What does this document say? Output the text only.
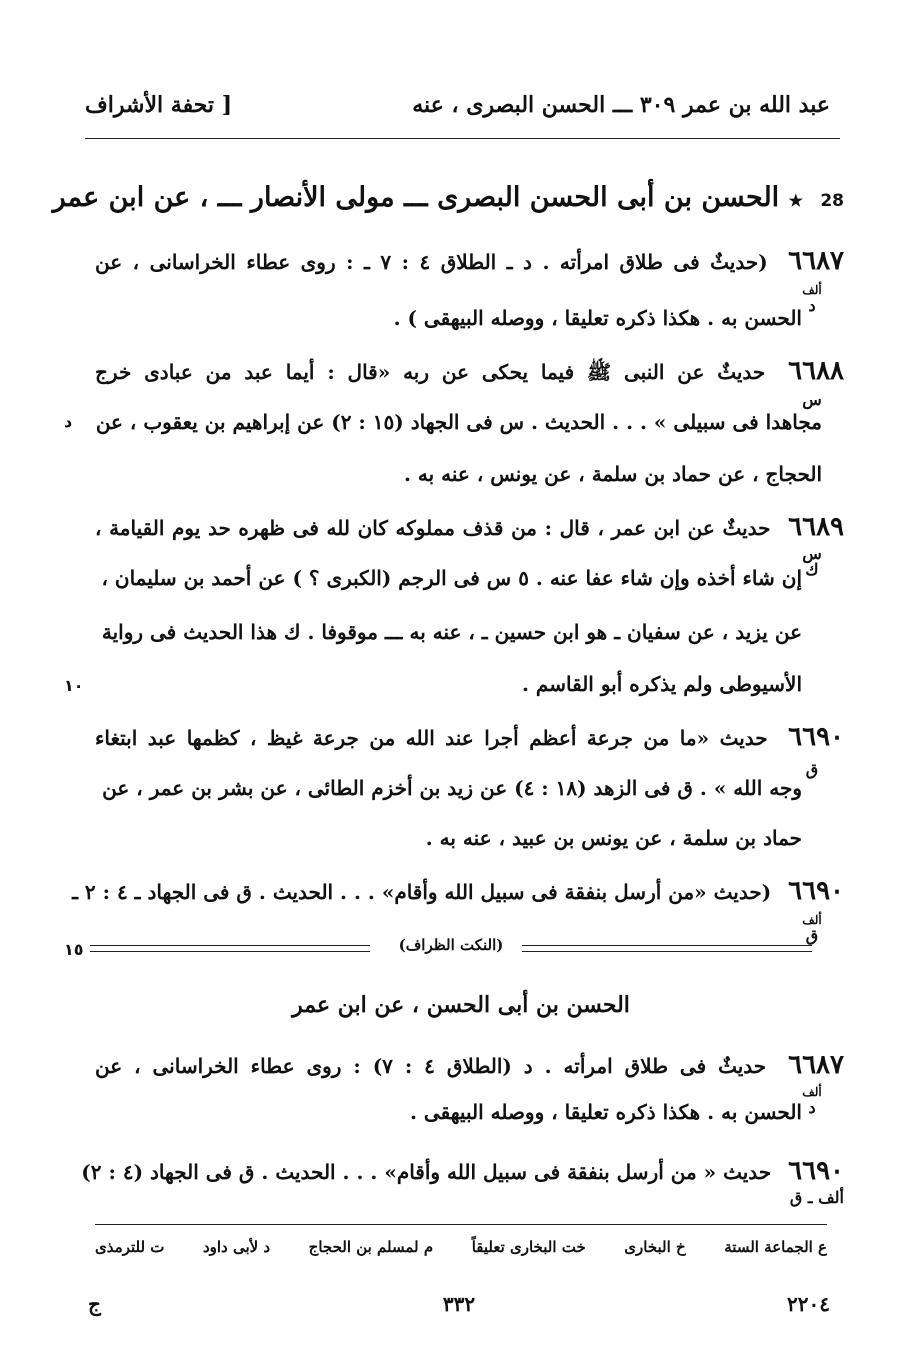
عبد الله بن عمر ٣٠٩ ـــ الحسن البصرى ، عنه
[ تحفة الأشراف
28 ★ الحسن بن أبى الحسن البصرى ـــ مولى الأنصار ـــ ، عن ابن عمر
٦٦٨٧ (حديثٌ فى طلاق امرأته . د ـ الطلاق ٤ : ٧ ـ : روى عطاء الخراسانى ، عن
ألف
د
الحسن به . هكذا ذكره تعليقا ، ووصله البيهقى ) .
٦٦٨٨ حديثٌ عن النبى ﷺ فيما يحكى عن ربه «قال : أيما عبد من عبادى خرج
س
مجاهدا فى سبيلى » . . . الحديث . س فى الجهاد (١٥ : ٢) عن إبراهيم بن يعقوب ، عن
د
الحجاج ، عن حماد بن سلمة ، عن يونس ، عنه به .
٦٦٨٩ حديثٌ عن ابن عمر ، قال : من قذف مملوكه كان لله فى ظهره حد يوم القيامة ،
س
ك
إن شاء أخذه وإن شاء عفا عنه . ٥ س فى الرجم (الكبرى ؟ ) عن أحمد بن سليمان ،
عن يزيد ، عن سفيان ـ هو ابن حسين ـ ، عنه به ـــ موقوفا . ك هذا الحديث فى رواية
الأسيوطى ولم يذكره أبو القاسم .
١٠
٦٦٩٠ حديث «ما من جرعة أعظم أجرا عند الله من جرعة غيظ ، كظمها عبد ابتغاء
ق
وجه الله » . ق فى الزهد (١٨ : ٤) عن زيد بن أخزم الطائى ، عن بشر بن عمر ، عن
حماد بن سلمة ، عن يونس بن عبيد ، عنه به .
٦٦٩٠ (حديث «من أرسل بنفقة فى سبيل الله وأقام» . . . الحديث . ق فى الجهاد ـ ٤ : ٢ ـ
ألف
ق
١٥	(النكت الظراف)
الحسن بن أبى الحسن ، عن ابن عمر
٦٦٨٧ حديثٌ فى طلاق امرأته . د (الطلاق ٤ : ٧) : روى عطاء الخراسانى ، عن
ألف
د
الحسن به . هكذا ذكره تعليقا ، ووصله البيهقى .
٦٦٩٠ حديث « من أرسل بنفقة فى سبيل الله وأقام» . . . الحديث . ق فى الجهاد (٤ : ٢)
ألف ـ ق
ع الجماعة الستة
خ البخارى
خت البخارى تعليقاً
م لمسلم بن الحجاج
د لأبى داود
ت للترمذى
٢٢٠٤
٣٣٢
ج
